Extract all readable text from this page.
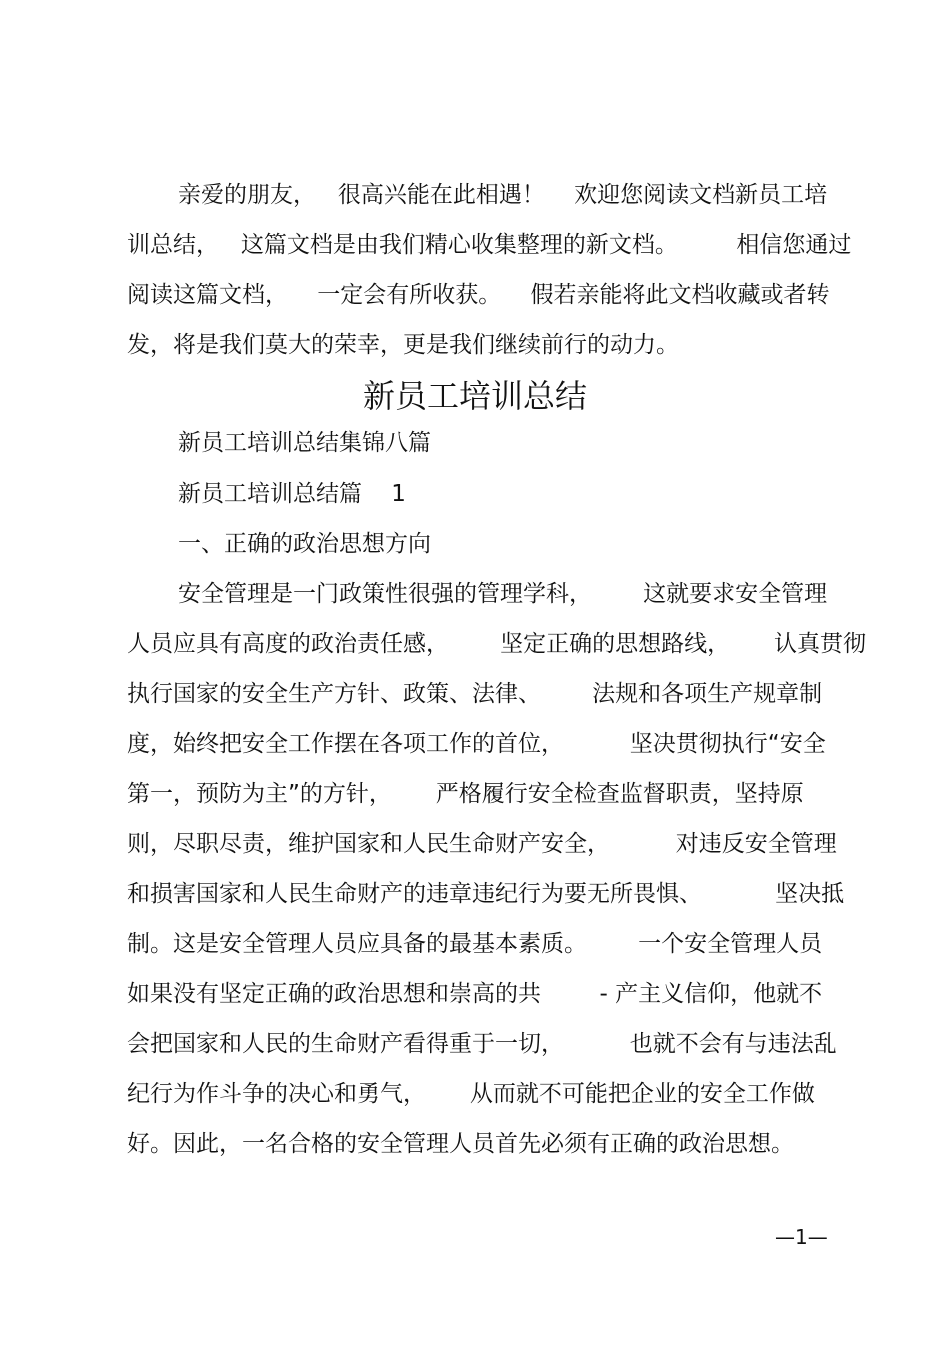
亲爱的朋友，   很高兴能在此相遇！    欢迎您阅读文档新员工培
训总结，   这篇文档是由我们精心收集整理的新文档。        相信您通过
阅读这篇文档，    一定会有所收获。    假若亲能将此文档收藏或者转
发，将是我们莫大的荣幸，更是我们继续前行的动力。
新员工培训总结
新员工培训总结集锦八篇
新员工培训总结篇    1
一、正确的政治思想方向
安全管理是一门政策性很强的管理学科，       这就要求安全管理
人员应具有高度的政治责任感，       坚定正确的思想路线，      认真贯彻
执行国家的安全生产方针、政策、法律、       法规和各项生产规章制
度，始终把安全工作摆在各项工作的首位，         坚决贯彻执行“安全
第一，预防为主”的方针，      严格履行安全检查监督职责，坚持原
则，尽职尽责，维护国家和人民生命财产安全，         对违反安全管理
和损害国家和人民生命财产的违章违纪行为要无所畏惧、          坚决抵
制。这是安全管理人员应具备的最基本素质。       一个安全管理人员
如果没有坚定正确的政治思想和崇高的共        - 产主义信仰，他就不
会把国家和人民的生命财产看得重于一切，         也就不会有与违法乱
纪行为作斗争的决心和勇气，      从而就不可能把企业的安全工作做
好。因此，一名合格的安全管理人员首先必须有正确的政治思想。
—1—
